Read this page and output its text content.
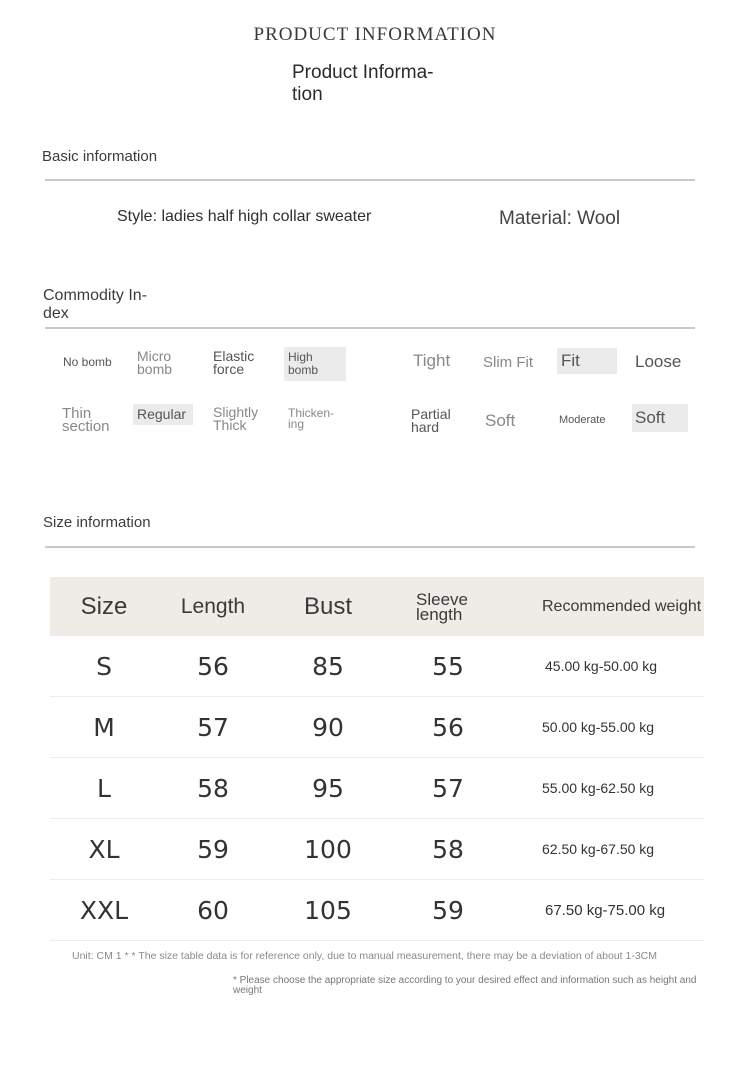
PRODUCT INFORMATION
Product Informa- tion
Basic information
Style: ladies half high collar sweater	Material: Wool
Commodity In- dex
No bomb Micro bomb
Elastic force
High bomb	Tight Slim Fit Fit	Loose
Thin section
Regular	Slightly Thick
Thicken- ing
Partial hard	Soft	Moderate Soft
Size information
Size	Length	Bust	Sleeve length	Recommended weight
S	56	85	55	45.00 kg-50.00 kg
M	57	90	56	50.00 kg-55.00 kg
L	58	95	57	55.00 kg-62.50 kg
XL	59	100	58	62.50 kg-67.50 kg
XXL	60	105	59	67.50 kg-75.00 kg
Unit: CM 1 * * The size table data is for reference only, due to manual measurement, there may be a deviation of about 1-3CM
* Please choose the appropriate size according to your desired effect and information such as height and weight
